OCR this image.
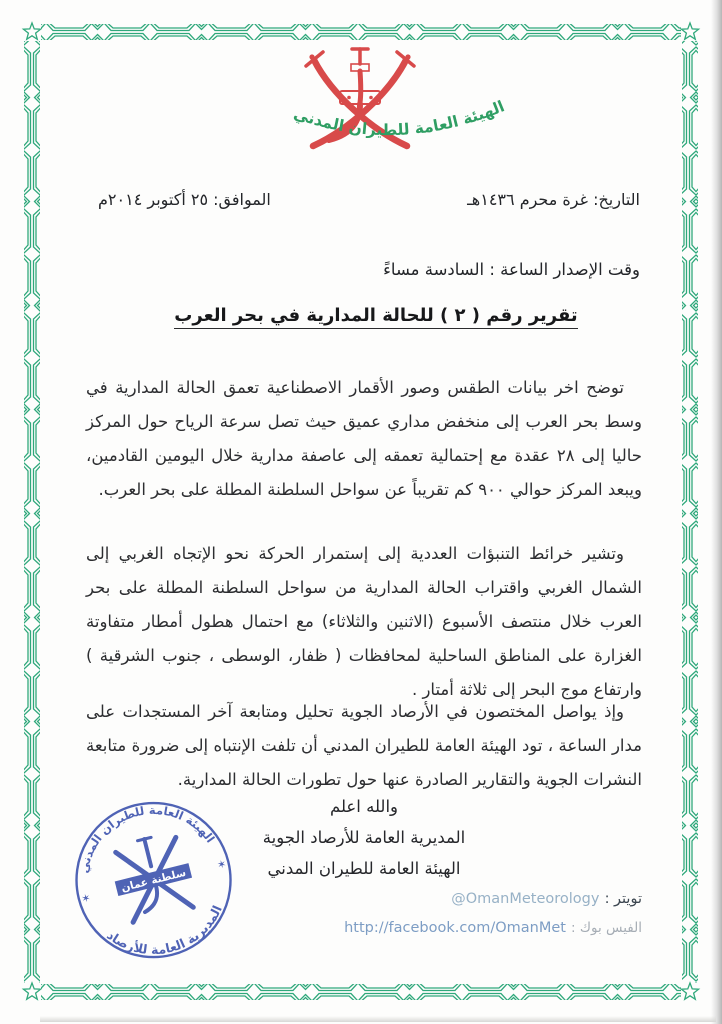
الهيئة العامة للطيران المدني
التاريخ: غرة محرم ١٤٣٦هـ
الموافق: ٢٥ أكتوبر ٢٠١٤م
وقت الإصدار الساعة : السادسة مساءً
تقرير رقم ( ٢ ) للحالة المدارية في بحر العرب

توضح اخر بيانات الطقس وصور الأقمار الاصطناعية تعمق الحالة المدارية في وسط بحر العرب إلى منخفض مداري عميق حيث تصل سرعة الرياح حول المركز حاليا إلى ٢٨ عقدة مع إحتمالية تعمقه إلى عاصفة مدارية خلال اليومين القادمين، ويبعد المركز حوالي ٩٠٠ كم تقريباً عن سواحل السلطنة المطلة على بحر العرب.

وتشير خرائط التنبؤات العددية إلى إستمرار الحركة نحو الإتجاه الغربي إلى الشمال الغربي واقتراب الحالة المدارية من سواحل السلطنة المطلة على بحر العرب خلال منتصف الأسبوع (الاثنين والثلاثاء) مع احتمال هطول أمطار متفاوتة الغزارة على المناطق الساحلية لمحافظات ( ظفار، الوسطى ، جنوب الشرقية ) وارتفاع موج البحر إلى ثلاثة أمتار .

وإذ يواصل المختصون في الأرصاد الجوية تحليل ومتابعة آخر المستجدات على مدار الساعة ، تود الهيئة العامة للطيران المدني أن تلفت الإنتباه إلى ضرورة متابعة النشرات الجوية والتقارير الصادرة عنها حول تطورات الحالة المدارية.

والله اعلم
المديرية العامة للأرصاد الجوية
الهيئة العامة للطيران المدني
الهيئة العامة للطيران المدني
المديرية العامة للأرصاد
✶
✶
سلطنة عمان
تويتر : @OmanMeteorology
الفيس بوك : http://facebook.com/OmanMet
